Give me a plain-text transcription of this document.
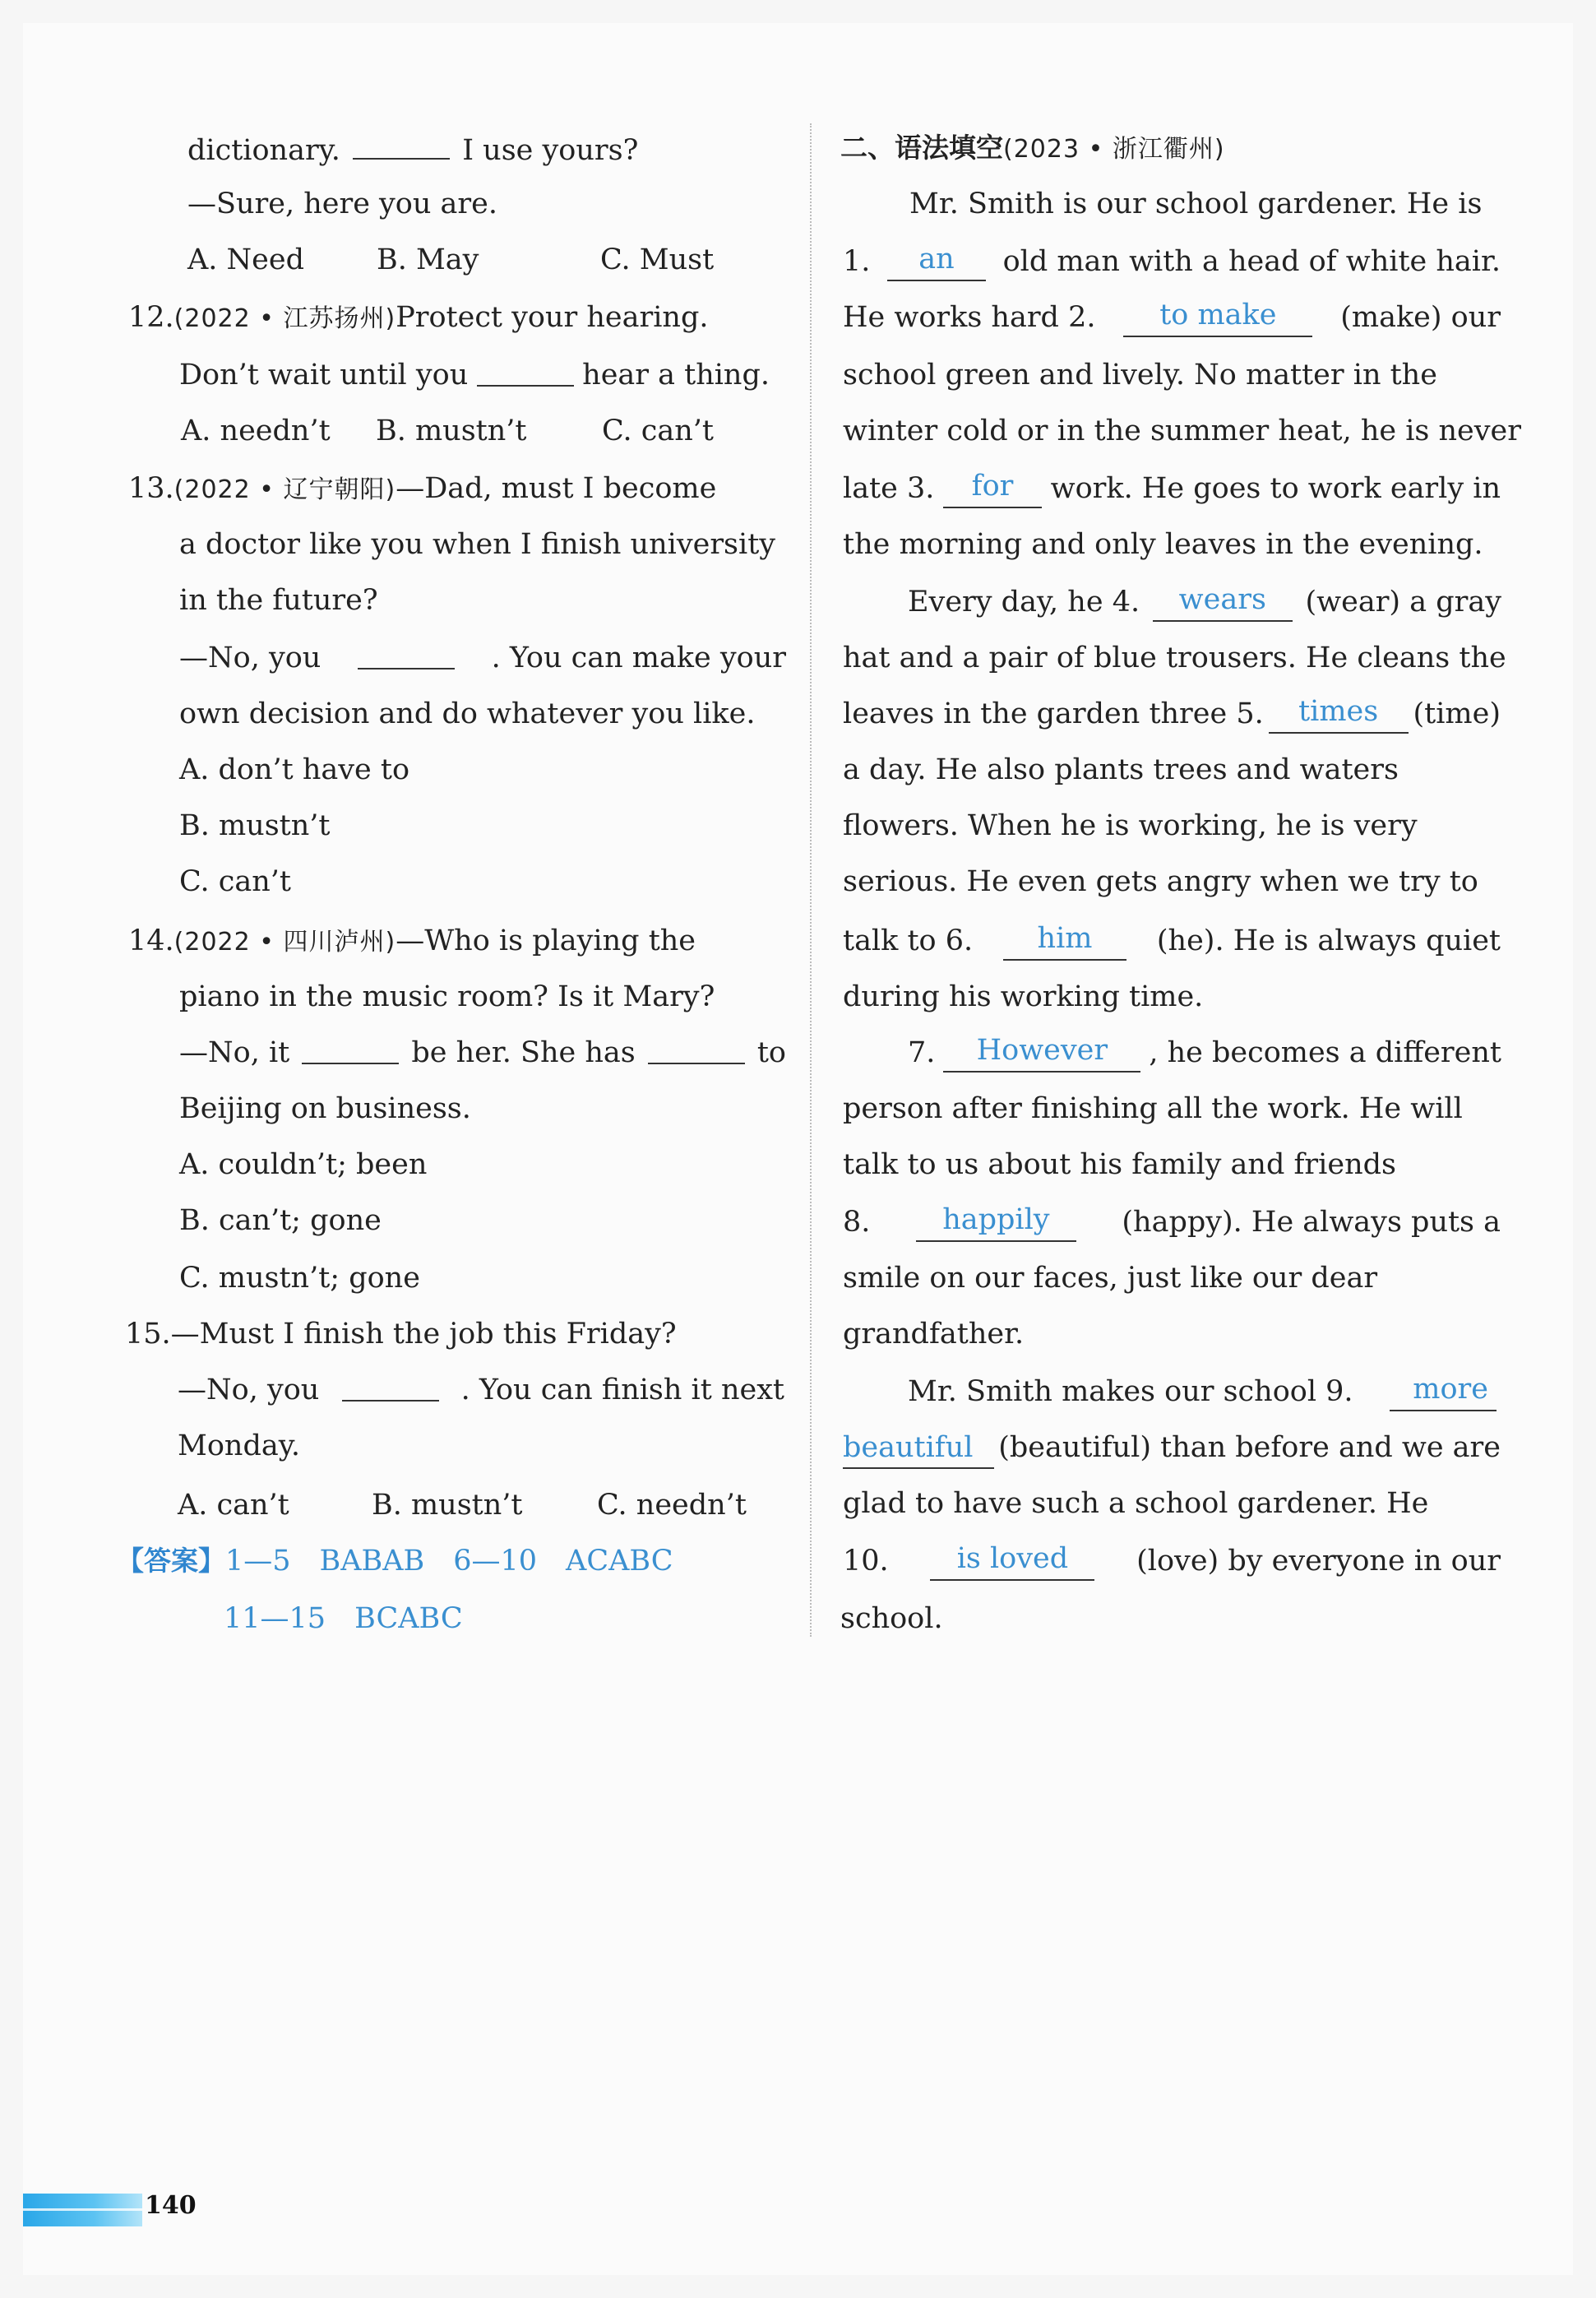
dictionary.	I use yours?
—Sure, here you are.
A. Need	B. May	C. Must
12.(2022 • 江苏扬州)Protect your hearing.
Don’t wait until you	hear a thing.
A. needn’t B. mustn’t	C. can’t
13.(2022 • 辽宁朝阳)—Dad, must I become
a doctor like you when I finish university
in the future?
—No, you	. You can make your
own decision and do whatever you like.
A. don’t have to
B. mustn’t
C. can’t
14.(2022 • 四川泸州)—Who is playing the
piano in the music room? Is it Mary?
—No, it	be her. She has	to
Beijing on business.
A. couldn’t; been
B. can’t; gone
C. mustn’t; gone
15.—Must I finish the job this Friday?
—No, you	. You can finish it next
Monday.
A. can’t	B. mustn’t	C. needn’t
【答案】1—5　BABAB　6—10　ACABC
11—15　BCABC
二、语法填空(2023 • 浙江衢州)
Mr. Smith is our school gardener. He is
1.	an	old man with a head of white hair.
He works hard 2.	to make	(make) our
school green and lively. No matter in the
winter cold or in the summer heat, he is never
late 3.	for	work. He goes to work early in
the morning and only leaves in the evening.
Every day, he 4.	wears	(wear) a gray
hat and a pair of blue trousers. He cleans the
leaves in the garden three 5.	times	(time)
a day. He also plants trees and waters
flowers. When he is working, he is very
serious. He even gets angry when we try to
talk to 6.	him	(he). He is always quiet
during his working time.
7.	However	, he becomes a different
person after finishing all the work. He will
talk to us about his family and friends
8.	happily	(happy). He always puts a
smile on our faces, just like our dear
grandfather.
Mr. Smith makes our school 9.	more
beautiful (beautiful) than before and we are
glad to have such a school gardener. He
10.	is loved	(love) by everyone in our
school.
140
